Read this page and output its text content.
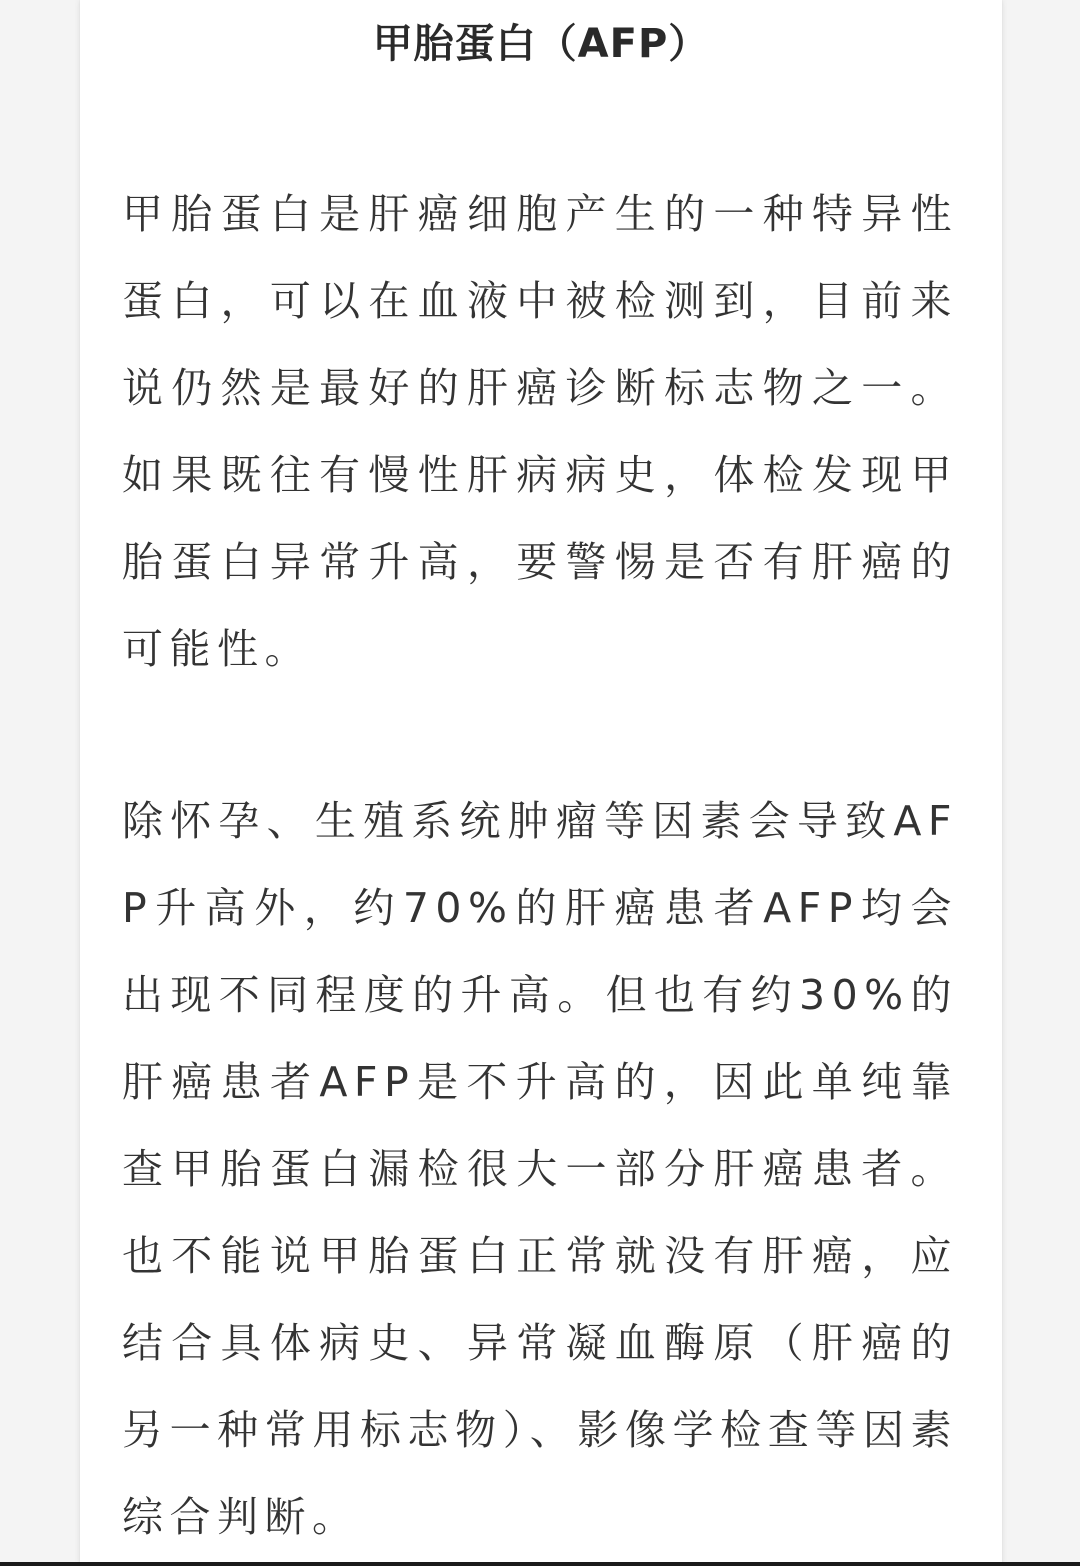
甲胎蛋白（AFP）

甲胎蛋白是肝癌细胞产生的一种特异性蛋白，可以在血液中被检测到，目前来说仍然是最好的肝癌诊断标志物之一。如果既往有慢性肝病病史，体检发现甲胎蛋白异常升高，要警惕是否有肝癌的可能性。

除怀孕、生殖系统肿瘤等因素会导致AFP升高外，约70%的肝癌患者AFP均会出现不同程度的升高。但也有约30%的肝癌患者AFP是不升高的，因此单纯靠查甲胎蛋白漏检很大一部分肝癌患者。也不能说甲胎蛋白正常就没有肝癌，应结合具体病史、异常凝血酶原（肝癌的另一种常用标志物）、影像学检查等因素综合判断。
